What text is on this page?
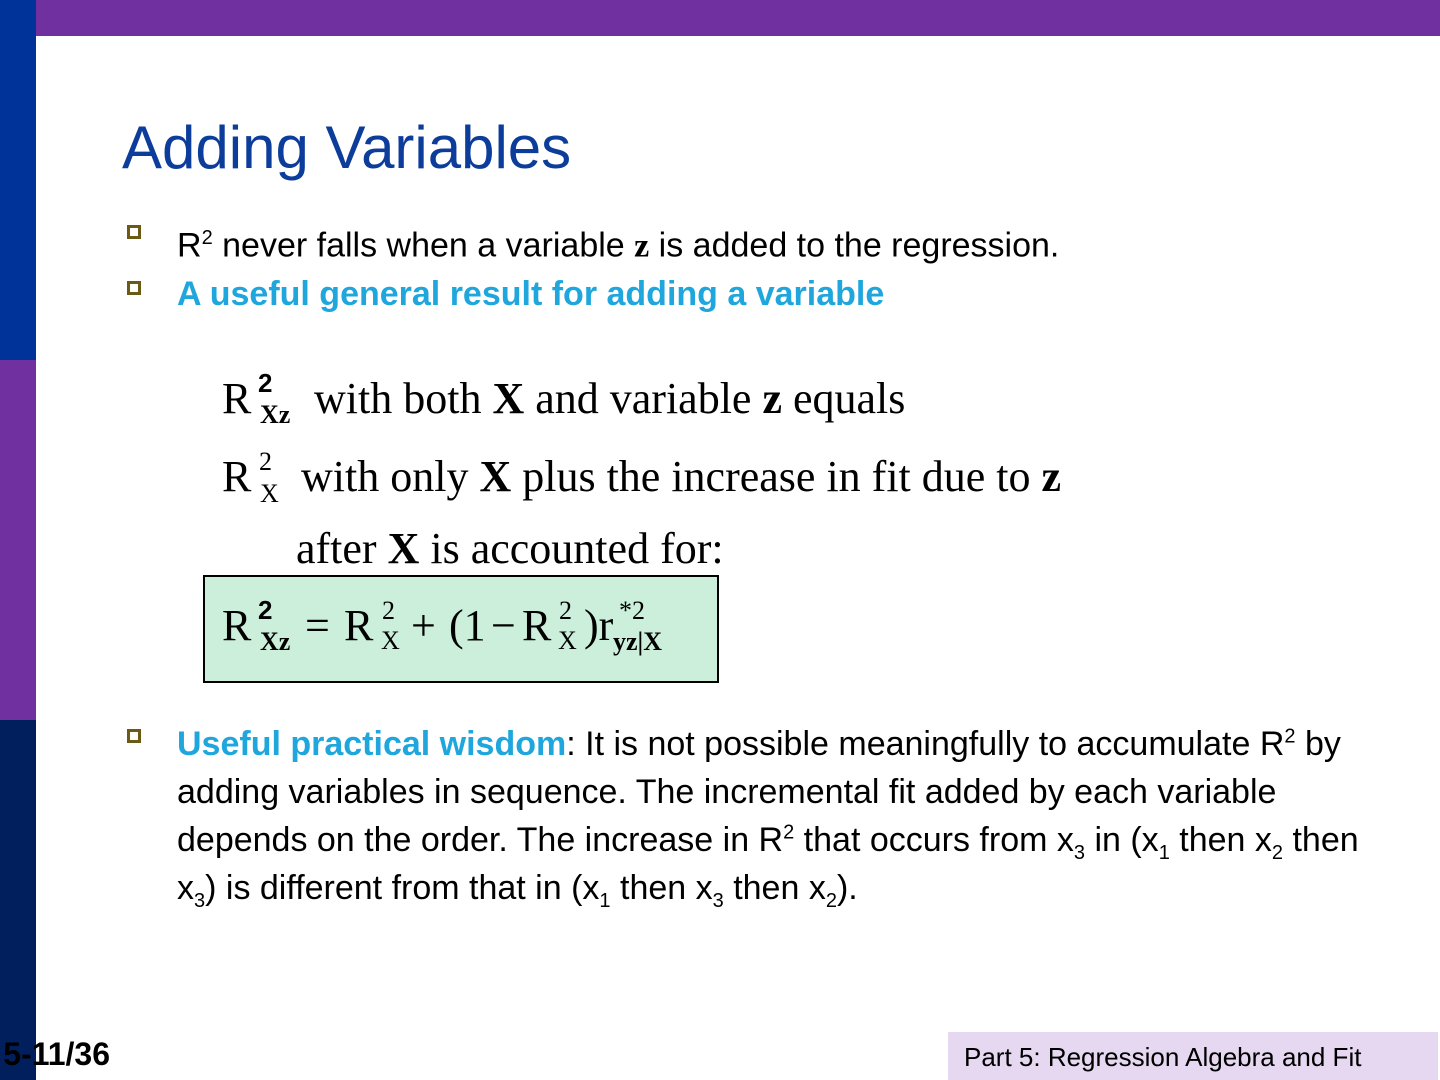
Adding Variables
$R^2$ never falls when a variable z is added to the regression.
A useful general result for adding a variable
R 2
Xz with both X and variable z equals
R 2
X with only X plus the increase in fit due to z
after X is accounted for:
R 2
Xz = R 2
X + (1 − R 2
X )r *2
yz|X
Useful practical wisdom: It is not possible meaningfully to accumulate $R^2$ by adding variables in sequence. The incremental fit added by each variable depends on the order. The increase in $R^2$ that occurs from $x_3$ in ($x_1$ then $x_2$ then $x_3$) is different from that in ($x_1$ then $x_3$ then $x_2$).
5-11/36	Part 5: Regression Algebra and Fit
